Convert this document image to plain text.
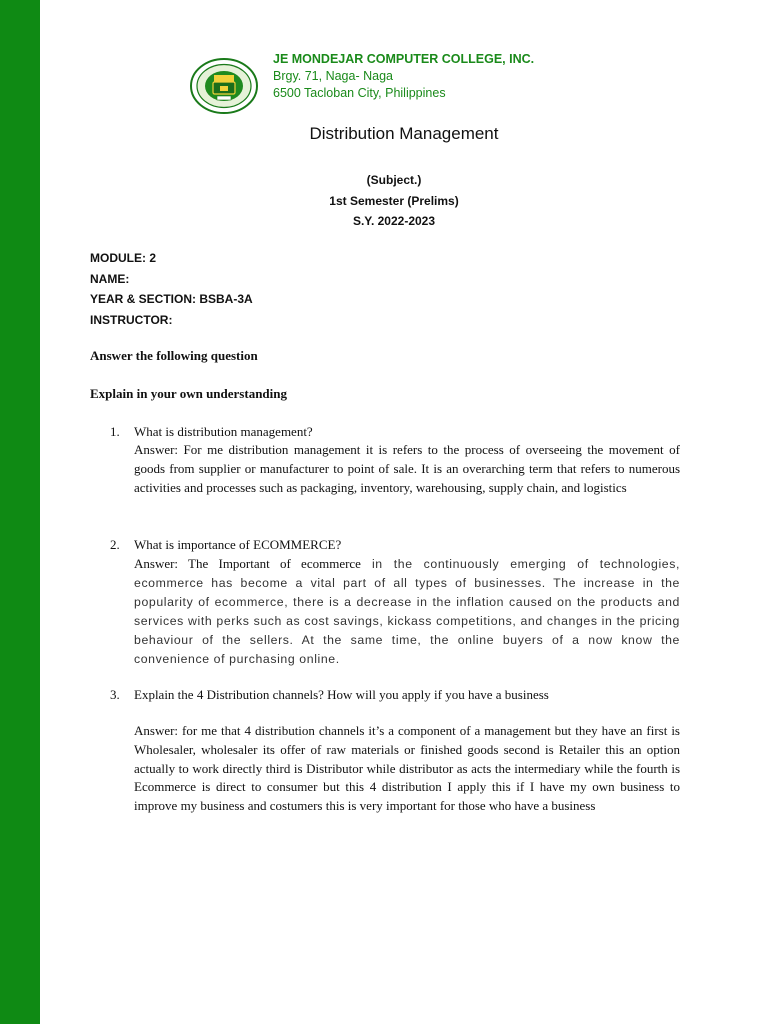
JE MONDEJAR COMPUTER COLLEGE, INC.
Brgy. 71, Naga- Naga
6500 Tacloban City, Philippines
Distribution Management
(Subject.)
1st Semester (Prelims)
S.Y. 2022-2023
MODULE: 2
NAME:
YEAR & SECTION: BSBA-3A
INSTRUCTOR:
Answer the following question
Explain in your own understanding
1.	What is distribution management?
Answer: For me distribution management it is refers to the process of overseeing the movement of goods from supplier or manufacturer to point of sale. It is an overarching term that refers to numerous activities and processes such as packaging, inventory, warehousing, supply chain, and logistics
2.	What is importance of ECOMMERCE?
Answer: The Important of ecommerce in the continuously emerging of technologies, ecommerce has become a vital part of all types of businesses. The increase in the popularity of ecommerce, there is a decrease in the inflation caused on the products and services with perks such as cost savings, kickass competitions, and changes in the pricing behaviour of the sellers. At the same time, the online buyers of a now know the convenience of purchasing online.
3.	Explain the 4 Distribution channels? How will you apply if you have a business
Answer: for me that 4 distribution channels it’s a component of a management but they have an first is Wholesaler, wholesaler its offer of raw materials or finished goods second is Retailer this an option actually to work directly third is Distributor while distributor as acts the intermediary while the fourth is Ecommerce is direct to consumer but this 4 distribution I apply this if I have my own business to improve my business and costumers this is very important for those who have a business
